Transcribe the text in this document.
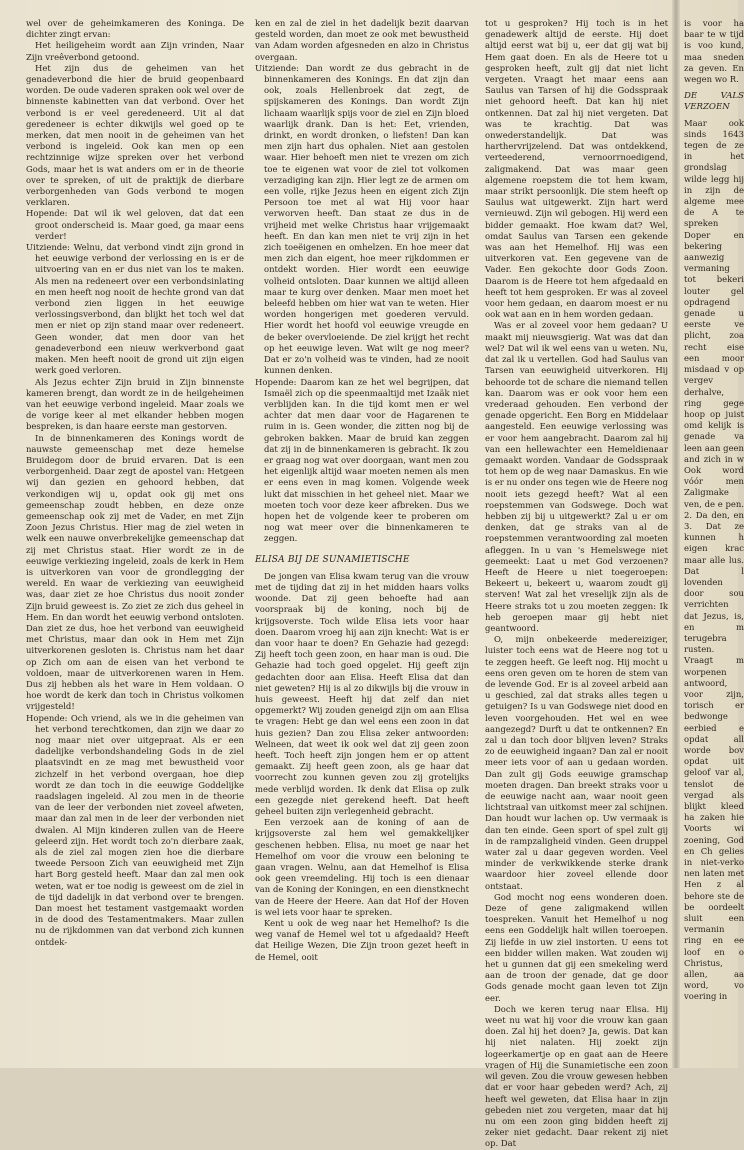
wel over de geheimkameren des Koninga. De dichter zingt ervan:

Het heiligeheim wordt aan Zijn vrinden, Naar Zijn vreêverbond getoond.

Het zijn dus de geheimen van het genadeverbond die hier de bruid geopenbaard worden. De oude vaderen spraken ook wel over de binnenste kabinetten van dat verbond. Over het verbond is er veel geredeneerd. Uit al dat geredeneer is echter dikwijls wel goed op te merken, dat men nooit in de geheimen van het verbond is ingeleid. Ook kan men op een rechtzinnige wijze spreken over het verbond Gods, maar het is wat anders om er in de theorie over te spreken, of uit de praktijk de dierbare verborgenheden van Gods verbond te mogen verklaren.

Hopende: Dat wil ik wel geloven, dat dat een groot onderscheid is. Maar goed, ga maar eens verder!

Uitziende: Welnu, dat verbond vindt zijn grond in het eeuwige verbond der verlossing en is er de uitvoering van en er dus niet van los te maken. Als men na redeneert over een verbondsinlating en men heeft nog nooit de hechte grond van dat verbond zien liggen in het eeuwige verlossingsverbond, dan blijkt het toch wel dat men er niet op zijn stand maar over redeneert. Geen wonder, dat men door van het genadeverbond een nieuw werkverbond gaat maken. Men heeft nooit de grond uit zijn eigen werk goed verloren.

Als Jezus echter Zijn bruid in Zijn binnenste kameren brengt, dan wordt ze in de heilgeheimen van het eeuwige verbond ingeleid. Maar zoals we de vorige keer al met elkander hebben mogen bespreken, is dan haare eerste man gestorven.

In de binnenkameren des Konings wordt de nauwste gemeenschap met deze hemelse Bruidegom door de bruid ervaren. Dat is een verborgenheid. Daar zegt de apostel van: Hetgeen wij dan gezien en gehoord hebben, dat verkondigen wij u, opdat ook gij met ons gemeenschap zoudt hebben, en deze onze gemeenschap ook zij met de Vader, en met Zijn Zoon Jezus Christus. Hier mag de ziel weten in welk een nauwe onverbrekelijke gemeenschap dat zij met Christus staat. Hier wordt ze in de eeuwige verkiezing ingeleid, zoals de kerk in Hem is uitverkoren van voor de grondlegging der wereld. En waar de verkiezing van eeuwigheid was, daar ziet ze hoe Christus dus nooit zonder Zijn bruid geweest is. Zo ziet ze zich dus geheel in Hem. En dan wordt het eeuwig verbond ontsloten. Dan ziet ze dus, hoe het verbond van eeuwigheid met Christus, maar dan ook in Hem met Zijn uitverkorenen gesloten is. Christus nam het daar op Zich om aan de eisen van het verbond te voldoen, maar de uitverkorenen waren in Hem. Dus zij hebben als het ware in Hem voldaan. O hoe wordt de kerk dan toch in Christus volkomen vrijgesteld!

Hopende: Och vriend, als we in die geheimen van het verbond terechtkomen, dan zijn we daar zo nog maar niet over uitgepraat. Als er een dadelijke verbondshandeling Gods in de ziel plaatsvindt en ze mag met bewustheid voor zichzelf in het verbond overgaan, hoe diep wordt ze dan toch in die eeuwige Goddelijke raadslagen ingeleid. Al zou men in de theorie van de leer der verbonden niet zoveel afweten, maar dan zal men in de leer der verbonden niet dwalen. Al Mijn kinderen zullen van de Heere geleerd zijn. Het wordt toch zo'n dierbare zaak, als de ziel zal mogen zien hoe die dierbare tweede Persoon Zich van eeuwigheid met Zijn hart Borg gesteld heeft. Maar dan zal men ook weten, wat er toe nodig is geweest om de ziel in de tijd dadelijk in dat verbond over te brengen. Dan moest het testament vastgemaakt worden in de dood des Testamentmakers. Maar zullen nu de rijkdommen van dat verbond zich kunnen ontdek-

ken en zal de ziel in het dadelijk bezit daarvan gesteld worden, dan moet ze ook met bewustheid van Adam worden afgesneden en alzo in Christus overgaan.

Uitziende: Dan wordt ze dus gebracht in de binnenkameren des Konings. En dat zijn dan ook, zoals Hellenbroek dat zegt, de spijskameren des Konings. Dan wordt Zijn lichaam waarlijk spijs voor de ziel en Zijn bloed waarlijk drank. Dan is het: Eet, vrienden, drinkt, en wordt dronken, o liefsten! Dan kan men zijn hart dus ophalen. Niet aan gestolen waar. Hier behoeft men niet te vrezen om zich toe te eigenen wat voor de ziel tot volkomen verzadiging kan zijn. Hier legt ze de armen om een volle, rijke Jezus heen en eigent zich Zijn Persoon toe met al wat Hij voor haar verworven heeft. Dan staat ze dus in de vrijheid met welke Christus haar vrijgemaakt heeft. En dan kan men niet te vrij zijn in het zich toeëigenen en omhelzen. En hoe meer dat men zich dan eigent, hoe meer rijkdommen er ontdekt worden. Hier wordt een eeuwige volheid ontsloten. Daar kunnen we altijd alleen maar te kurg over denken. Maar men moet het beleefd hebben om hier wat van te weten. Hier worden hongerigen met goederen vervuld. Hier wordt het hoofd vol eeuwige vreugde en de beker overvloeiende. De ziel krijgt het recht op het eeuwige leven. Wat wilt ge nog meer? Dat er zo'n volheid was te vinden, had ze nooit kunnen denken.

Hopende: Daarom kan ze het wel begrijpen, dat Ismaël zich op die speenmaaltijd met Izaäk niet verblijden kan. In die tijd komt men er wel achter dat men daar voor de Hagarenen te ruim in is. Geen wonder, die zitten nog bij de gebroken bakken. Maar de bruid kan zeggen dat zij in de binnenkameren is gebracht. Ik zou er graag nog wat over doorgaan, want men zou het eigenlijk altijd waar moeten nemen als men er eens even in mag komen. Volgende week lukt dat misschien in het geheel niet. Maar we moeten toch voor deze keer afbreken. Dus we hopen het de volgende keer te proberen om nog wat meer over die binnenkameren te zeggen.

ELISA BIJ DE SUNAMIETISCHE

De jongen van Elisa kwam terug van die vrouw met de tijding dat zij in het midden haars volks woonde. Dat zij geen behoefte had aan voorspraak bij de koning, noch bij de krijgsoverste. Toch wilde Elisa iets voor haar doen. Daarom vroeg hij aan zijn knecht: Wat is er dan voor haar te doen? En Gehazie had gezegd: Zij heeft toch geen zoon, en haar man is oud. Die Gehazie had toch goed opgelet. Hij geeft zijn gedachten door aan Elisa. Heeft Elisa dat dan niet geweten? Hij is al zo dikwijls bij die vrouw in huis geweest. Heeft hij dat zelf dan niet opgemerkt? Wij zouden geneigd zijn om aan Elisa te vragen: Hebt ge dan wel eens een zoon in dat huis gezien? Dan zou Elisa zeker antwoorden: Welneen, dat weet ik ook wel dat zij geen zoon heeft. Toch heeft zijn jongen hem er op attent gemaakt. Zij heeft geen zoon, als ge haar dat voorrecht zou kunnen geven zou zij grotelijks mede verblijd worden. Ik denk dat Elisa op zulk een gezegde niet gerekend heeft. Dat heeft geheel buiten zijn verlegenheid gebracht.

Een verzoek aan de koning of aan de krijgsoverste zal hem wel gemakkelijker geschenen hebben. Elisa, nu moet ge naar het Hemelhof om voor die vrouw een beloning te gaan vragen. Welnu, aan dat Hemelhof is Elisa ook geen vreemdeling. Hij toch is een dienaar van de Koning der Koningen, en een dienstknecht van de Heere der Heere. Aan dat Hof der Hoven is wel iets voor haar te spreken.

Kent u ook de weg naar het Hemelhof? Is die weg vanaf de Hemel wel tot u afgedaald? Heeft dat Heilige Wezen, Die Zijn troon gezet heeft in de Hemel, ooit

tot u gesproken? Hij toch is in het genadewerk altijd de eerste. Hij doet altijd eerst wat bij u, eer dat gij wat bij Hem gaat doen. En als de Heere tot u gesproken heeft, zult gij dat niet licht vergeten. Vraagt het maar eens aan Saulus van Tarsen of hij die Godsspraak niet gehoord heeft. Dat kan hij niet ontkennen. Dat zal hij niet vergeten. Dat was te krachtig. Dat was onwederstandelijk. Dat was harthervrijzelend. Dat was ontdekkend, verteederend, vernoorrnoedigend, zaligmakend. Dat was maar geen algemene roepstem die tot hem kwam, maar strikt persoonlijk. Die stem heeft op Saulus wat uitgewerkt. Zijn hart werd vernieuwd. Zijn wil gebogen. Hij werd een bidder gemaakt. Hoe kwam dat? Wel, omdat Saulus van Tarsen een gekende was aan het Hemelhof. Hij was een uitverkoren vat. Een gegevene van de Vader. Een gekochte door Gods Zoon. Daarom is de Heere tot hem afgedaald en heeft tot hem gesproken. Er was al zoveel voor hem gedaan, en daarom moest er nu ook wat aan en in hem worden gedaan.

Was er al zoveel voor hem gedaan? U maakt mij nieuwsgierig. Wat was dat dan wel? Dat wil ik wel eens van u weten. Nu, dat zal ik u vertellen. God had Saulus van Tarsen van eeuwigheid uitverkoren. Hij behoorde tot de schare die niemand tellen kan. Daarom was er ook voor hem een vrederaad gehouden. Een verbond der genade opgericht. Een Borg en Middelaar aangesteld. Een eeuwige verlossing was er voor hem aangebracht. Daarom zal hij van een hellewachter een Hemeldienaar gemaakt worden. Vandaar de Godsspraak tot hem op de weg naar Damaskus. En wie is er nu onder ons tegen wie de Heere nog nooit iets gezegd heeft? Wat al een roepstemmen van Godswege. Doch wat hebben zij bij u uitgewerkt? Zal u er om denken, dat ge straks van al de roepstemmen verantwoording zal moeten afleggen. In u van 's Hemelswege niet geemeekt: Laat u met God verzoenen? Heeft de Heere u niet toegeroepen: Bekeert u, bekeert u, waarom zoudt gij sterven! Wat zal het vreselijk zijn als de Heere straks tot u zou moeten zeggen: Ik heb geroepen maar gij hebt niet geantwoord.

O, mijn onbekeerde medereiziger, luister toch eens wat de Heere nog tot u te zeggen heeft. Ge leeft nog. Hij mocht u eens oren geven om te horen de stem van de levende God. Er is al zoveel arbeid aan u geschied, zal dat straks alles tegen u getuigen? Is u van Godswege niet dood en leven voorgehouden. Het wel en wee aangezegd? Durft u dat te ontkennen? En zal u dan toch door blijven leven? Straks zo de eeuwigheid ingaan? Dan zal er nooit meer iets voor of aan u gedaan worden. Dan zult gij Gods eeuwige gramschap moeten dragen. Dan breekt straks voor u de eeuwige nacht aan, waar nooit geen lichtstraal van uitkomst meer zal schijnen. Dan houdt wur lachen op. Uw vermaak is dan ten einde. Geen sport of spel zult gij in de rampzaligheid vinden. Geen druppel water zal u daar gegeven worden. Veel minder de verkwikkende sterke drank waardoor hier zoveel ellende door ontstaat.

God mocht nog eens wonderen doen. Deze of gene zaligmakend willen toespreken. Vanuit het Hemelhof u nog eens een Goddelijk halt willen toeroepen. Zij liefde in uw ziel instorten. U eens tot een bidder willen maken. Wat zouden wij het u gunnen dat gij een smekeling werd aan de troon der genade, dat ge door Gods genade mocht gaan leven tot Zijn eer.

Doch we keren terug naar Elisa. Hij weet nu wat hij voor die vrouw kan gaan doen. Zal hij het doen? Ja, gewis. Dat kan hij niet nalaten. Hij zoekt zijn logeerkamertje op en gaat aan de Heere vragen of Hij die Sunamietische een zoon wil geven. Zou die vrouw gewesen hebben dat er voor haar gebeden werd? Ach, zij heeft wel geweten, dat Elisa haar in zijn gebeden niet zou vergeten, maar dat hij nu om een zoon ging bidden heeft zij zeker niet gedacht. Daar rekent zij niet op. Dat

is voor ha baar te w tijd is voo kund, maa sneden za geven. En wegen wo R.

DE VALS VERZOEN

Maar ook sinds 1643 tegen de ze in het grondslag wilde legg hij in zijn de algeme mee de A te spreken Doper en bekering aanwezig vermaning tot bekeri louter gel opdragend genade u eerste ve plicht, zoa recht eise een moor misdaad v op vergev derhalve, ring gege hoop op juist omd kelijk is genade va leen aan geen and zich in w Ook word vóór men Zaligmake ven, de e pen. 2. Da den, en 3. Dat ze kunnen h eigen krac maar alle lus. Dat l lovenden door sou verrichten dat Jezus, is, en m terugebra rusten. Vraagt m worpenen antwoord, voor zijn, torisch er bedwonge eerbied e opdat all worde bov opdat uit geloof var al, tenslot de vergad als blijkt kleed ha zaken hie Voorts wi zoening, God en Ch gelies in niet-verko nen laten met Hen z al behore ste de be oordeelt sluit een vermanin ring en ee loof en o Christus, allen, aa word, vo voering in
